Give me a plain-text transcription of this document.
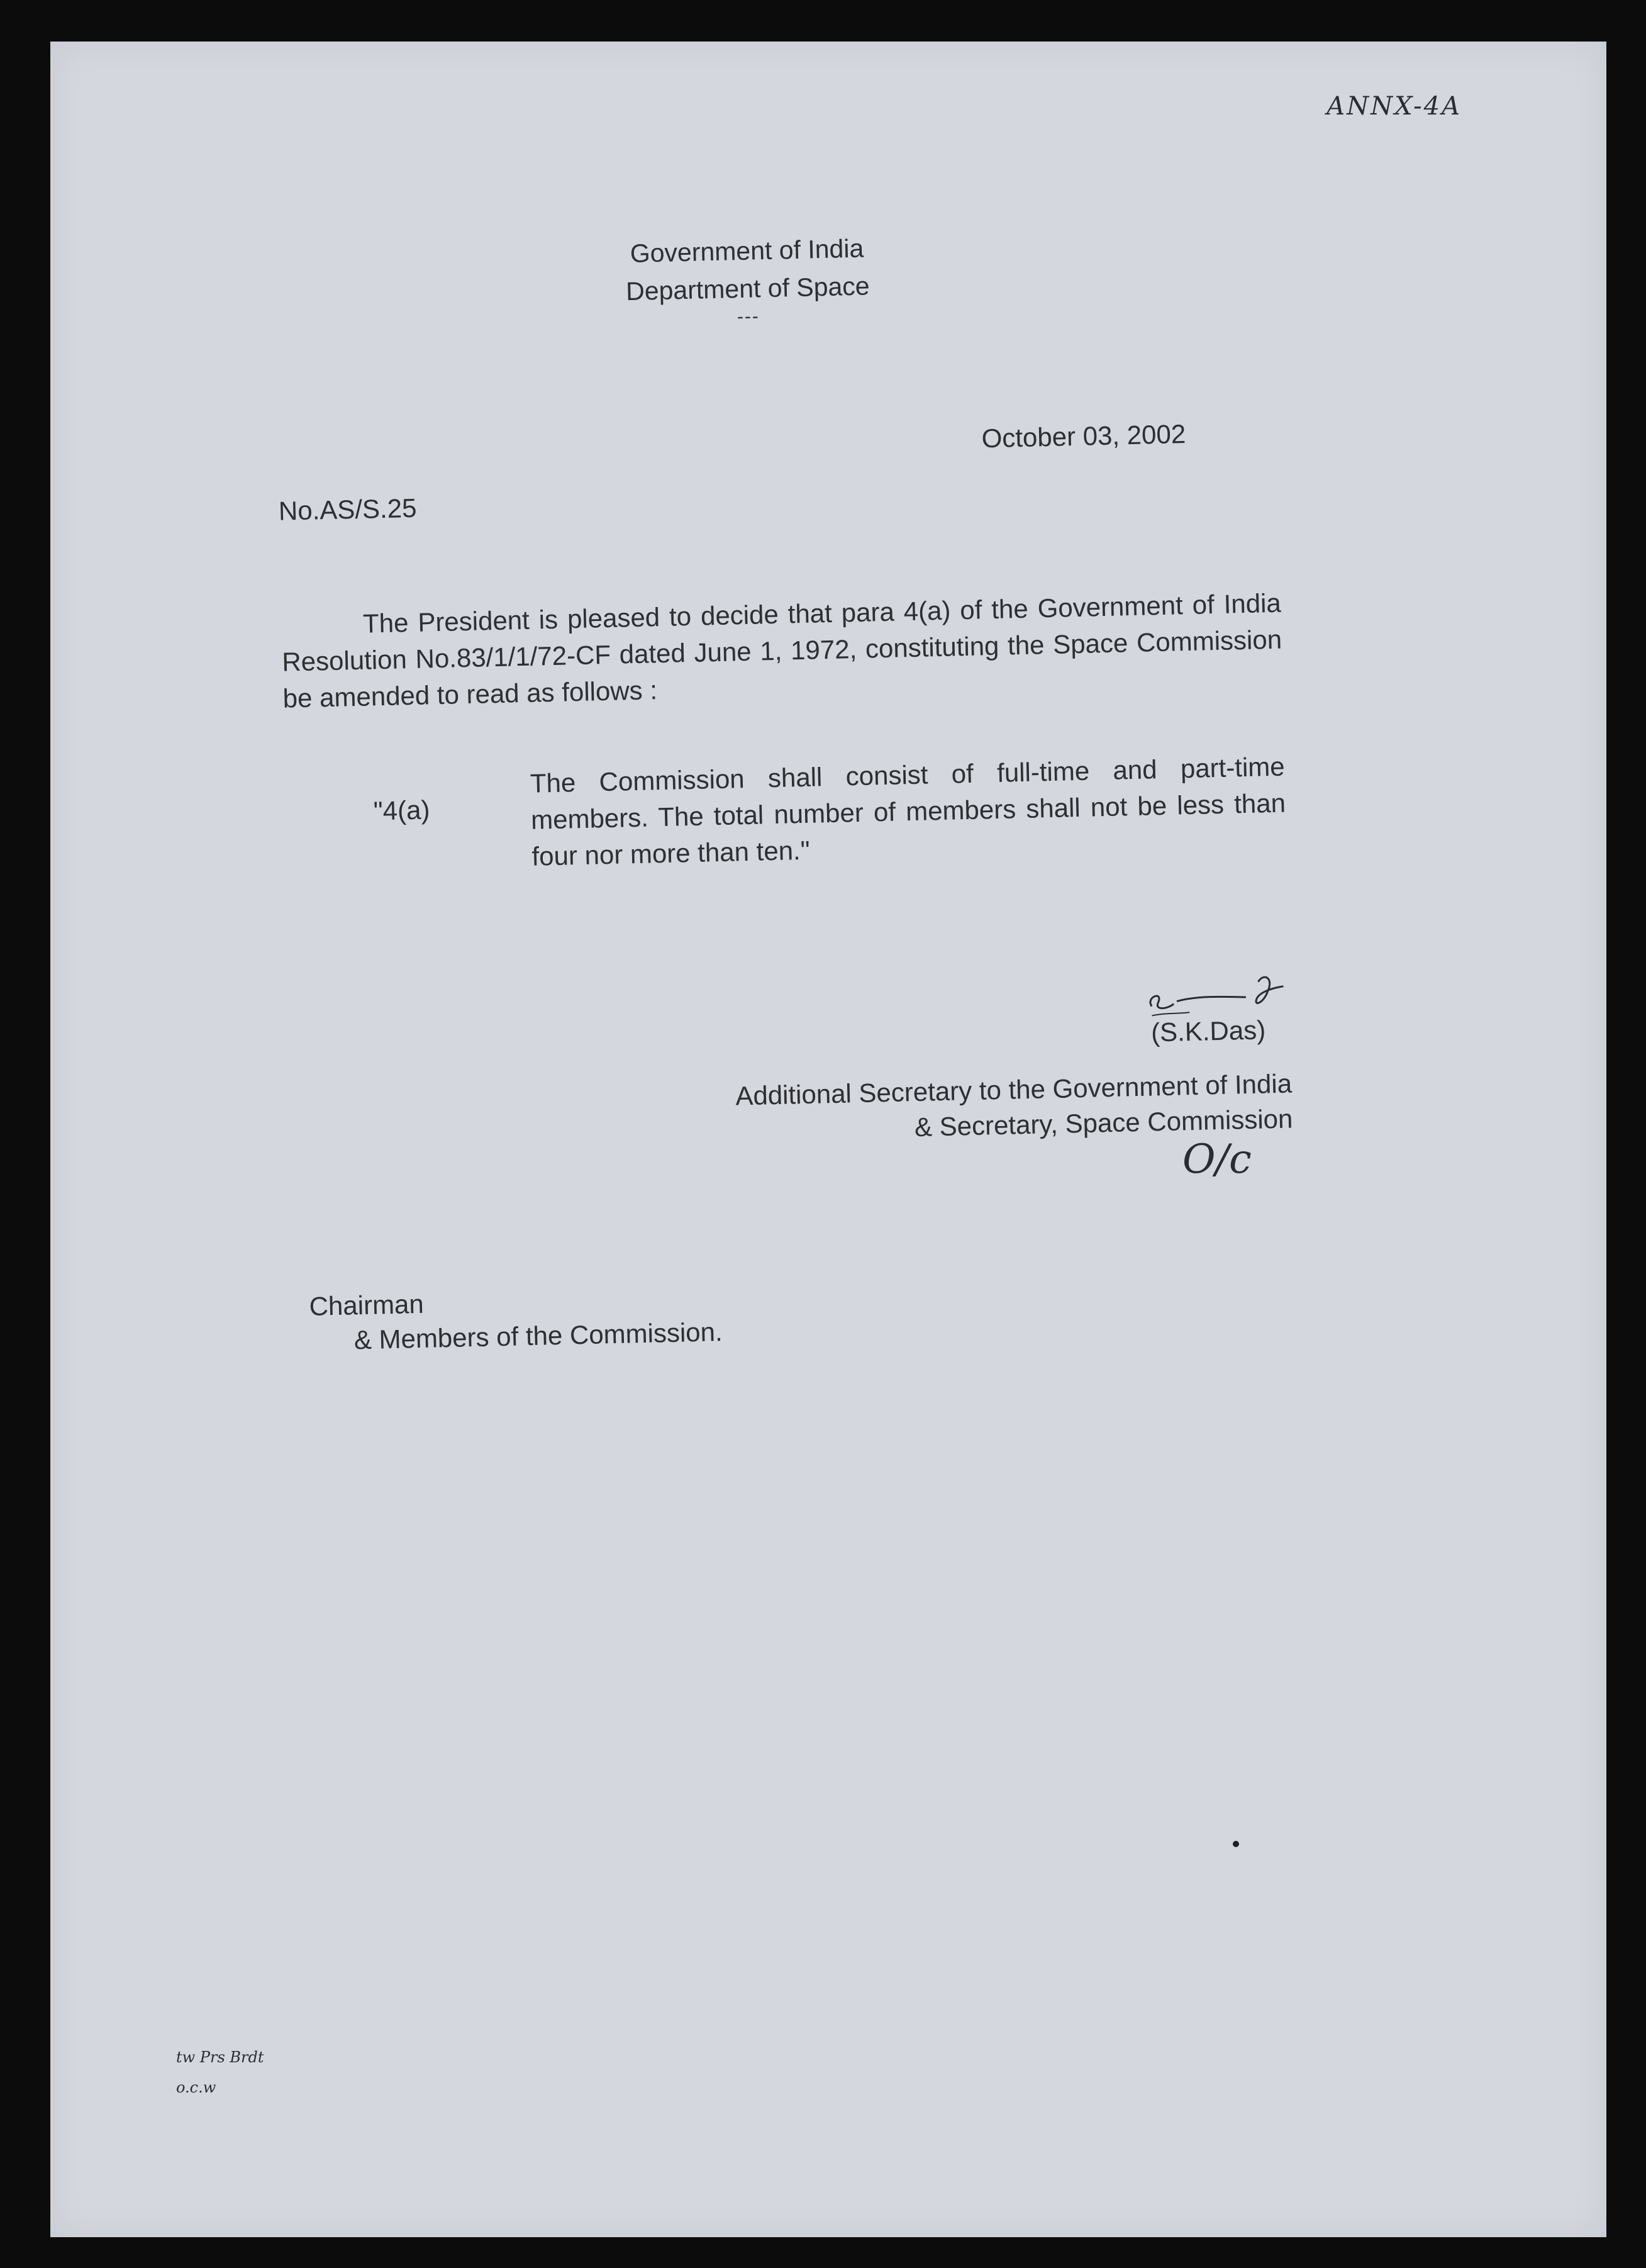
Government of India
Department of Space
---
October 03, 2002
No.AS/S.25
The President is pleased to decide that para 4(a) of the Government of India Resolution No.83/1/1/72-CF dated June 1, 1972, constituting the Space Commission be amended to read as follows :
"4(a)
The Commission shall consist of full-time and part-time members. The total number of members shall not be less than four nor more than ten."
(S.K.Das)
Additional Secretary to the Government of India
& Secretary, Space Commission
Chairman
& Members of the Commission.
ANNX-4A
O/c
tw Prs Brdt
o.c.w
